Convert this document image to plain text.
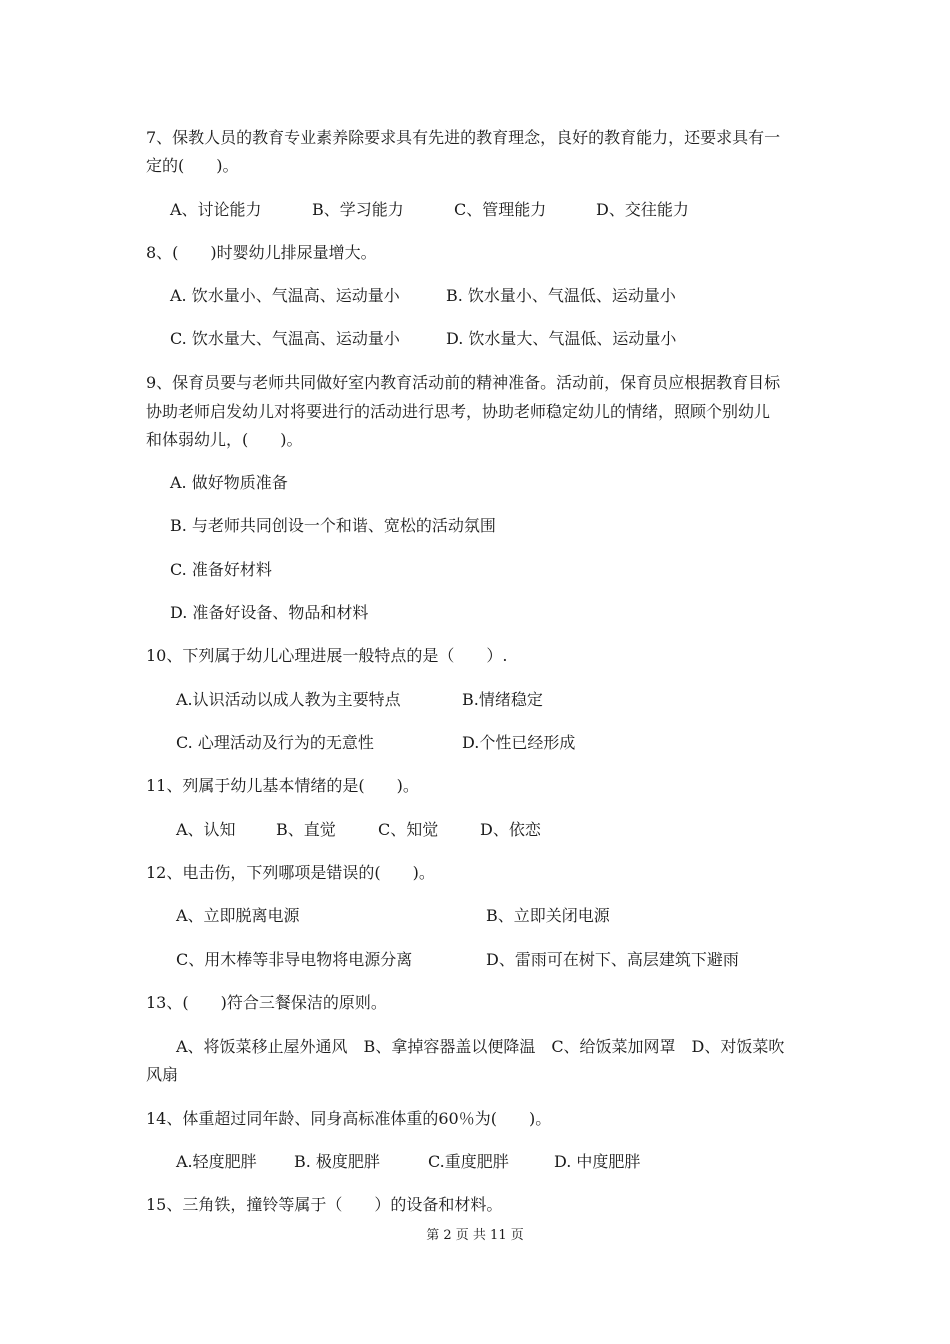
7、保教人员的教育专业素养除要求具有先进的教育理念，良好的教育能力，还要求具有一
定的(　　)。
A、讨论能力	B、学习能力	C、管理能力	D、交往能力
8、(　　)时婴幼儿排尿量增大。
A. 饮水量小、气温高、运动量小	B. 饮水量小、气温低、运动量小
C. 饮水量大、气温高、运动量小	D. 饮水量大、气温低、运动量小
9、保育员要与老师共同做好室内教育活动前的精神准备。活动前，保育员应根据教育目标
协助老师启发幼儿对将要进行的活动进行思考，协助老师稳定幼儿的情绪，照顾个别幼儿
和体弱幼儿，(　　)。
A. 做好物质准备
B. 与老师共同创设一个和谐、宽松的活动氛围
C. 准备好材料
D. 准备好设备、物品和材料
10、下列属于幼儿心理进展一般特点的是（　　）.
A.认识活动以成人教为主要特点	B.情绪稳定
C. 心理活动及行为的无意性	D.个性已经形成
11、列属于幼儿基本情绪的是(　　)。
A、认知	B、直觉	C、知觉	D、依恋
12、电击伤，下列哪项是错误的(　　)。
A、立即脱离电源	B、立即关闭电源
C、用木棒等非导电物将电源分离	D、雷雨可在树下、高层建筑下避雨
13、(　　)符合三餐保洁的原则。
A、将饭菜移止屋外通风　B、拿掉容器盖以便降温　C、给饭菜加网罩　D、对饭菜吹
风扇
14、体重超过同年龄、同身高标准体重的60％为(　　)。
A.轻度肥胖 B. 极度肥胖	C.重度肥胖	D. 中度肥胖
15、三角铁，撞铃等属于（　　）的设备和材料。
第 2 页 共 11 页
